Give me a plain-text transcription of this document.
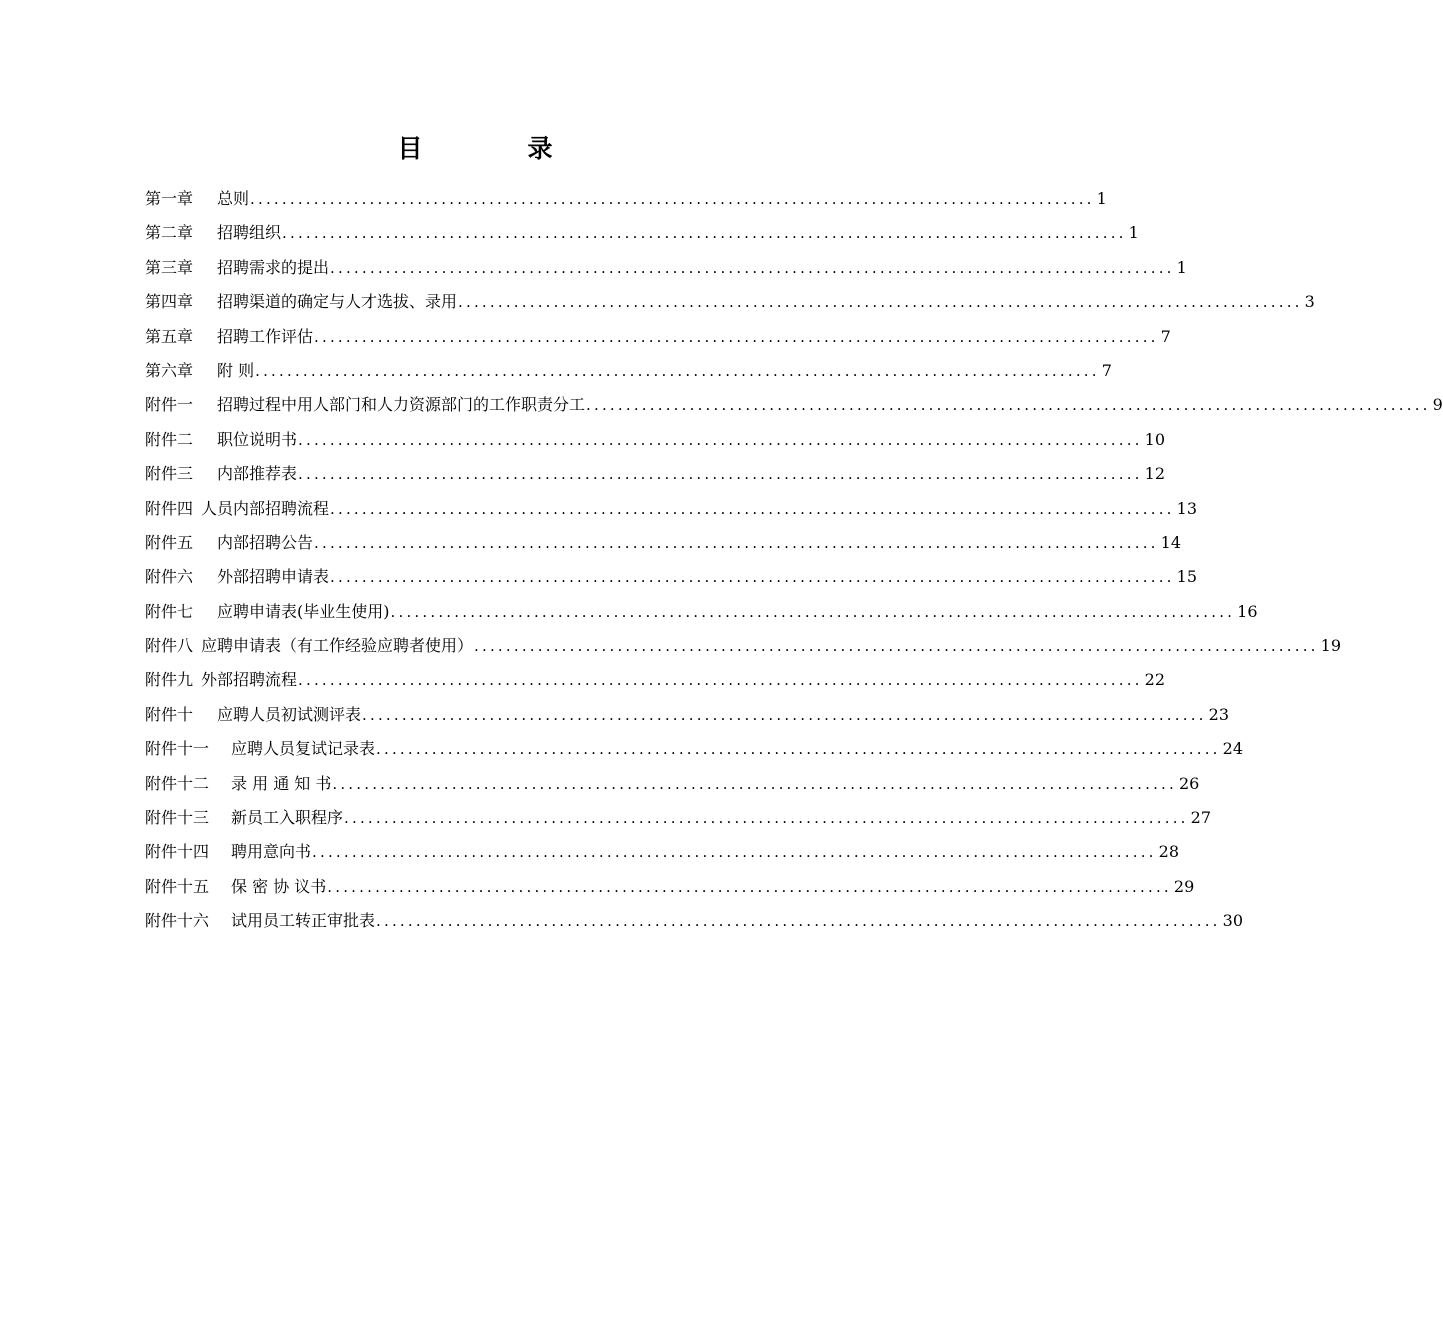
目　录
第一章 总则 .......................................................................................................... 1
第二章 招聘组织 .......................................................................................................... 1
第三章 招聘需求的提出 .......................................................................................................... 1
第四章 招聘渠道的确定与人才选拔、录用 .......................................................................................................... 3
第五章 招聘工作评估 .......................................................................................................... 7
第六章 附 则 .......................................................................................................... 7
附件一 招聘过程中用人部门和人力资源部门的工作职责分工 .......................................................................................................... 9
附件二 职位说明书 .......................................................................................................... 10
附件三 内部推荐表 .......................................................................................................... 12
附件四 人员内部招聘流程 .......................................................................................................... 13
附件五 内部招聘公告 .......................................................................................................... 14
附件六 外部招聘申请表 .......................................................................................................... 15
附件七 应聘申请表(毕业生使用) .......................................................................................................... 16
附件八 应聘申请表（有工作经验应聘者使用） .......................................................................................................... 19
附件九 外部招聘流程 .......................................................................................................... 22
附件十 应聘人员初试测评表 .......................................................................................................... 23
附件十一 应聘人员复试记录表 .......................................................................................................... 24
附件十二 录 用 通 知 书 .......................................................................................................... 26
附件十三 新员工入职程序 .......................................................................................................... 27
附件十四 聘用意向书 .......................................................................................................... 28
附件十五 保 密 协 议书 .......................................................................................................... 29
附件十六 试用员工转正审批表 .......................................................................................................... 30
